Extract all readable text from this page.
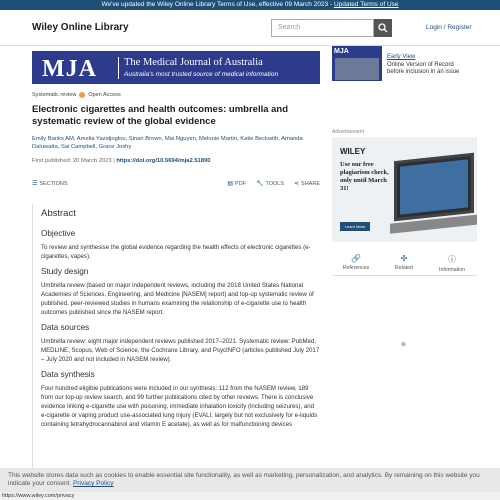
We've updated the Wiley Online Library Terms of Use, effective 09 March 2023 - Updated Terms of Use
Wiley Online Library	Search	Login / Register
MJA	The Medical Journal of Australia
Australia's most trusted source of medical information
MJA
Early View
Online Version of Record
before inclusion in an issue
Systematic review Open Access
Electronic cigarettes and health outcomes: umbrella and systematic review of the global evidence
Emily Banks AM, Amelia Yazidjoglou, Sinan Brown, Mai Nguyen, Melonie Martin, Katie Beckwith, Amanda Daluwatta, Sai Campbell, Grace Joshy
First published: 20 March 2023 | https://doi.org/10.5694/mja2.51890
☰ SECTIONS	▤ PDF 🔧 TOOLS ⋖ SHARE
Abstract
Objective

To review and synthesise the global evidence regarding the health effects of electronic cigarettes (e-cigarettes, vapes).

Study design

Umbrella review (based on major independent reviews, including the 2018 United States National Academies of Sciences, Engineering, and Medicine [NASEM] report) and top-up systematic review of published, peer-reviewed studies in humans examining the relationship of e-cigarette use to health outcomes published since the NASEM report.

Data sources

Umbrella review: eight major independent reviews published 2017–2021. Systematic review: PubMed, MEDLINE, Scopus, Web of Science, the Cochrane Library, and PsycINFO (articles published July 2017 – July 2020 and not included in NASEM review).

Data synthesis

Four hundred eligible publications were included in our synthesis: 112 from the NASEM review, 189 from our top-up review search, and 99 further publications cited by other reviews. There is conclusive evidence linking e-cigarette use with poisoning, immediate inhalation toxicity (including seizures), and e-cigarette or vaping product use-associated lung injury (EVALI; largely but not exclusively for e-liquids containing tetrahydrocannabinol and vitamin E acetate), as well as for malfunctioning devices

Advertisement
WILEY
Use our free plagiarism check, only until March 31!
Learn More
🔗
References
✣
Related
ⓘ
Information
✳
This website stores data such as cookies to enable essential site functionality, as well as marketing, personalization, and analytics. By remaining on this website you indicate your consent. Privacy Policy
https://www.wiley.com/privacy
